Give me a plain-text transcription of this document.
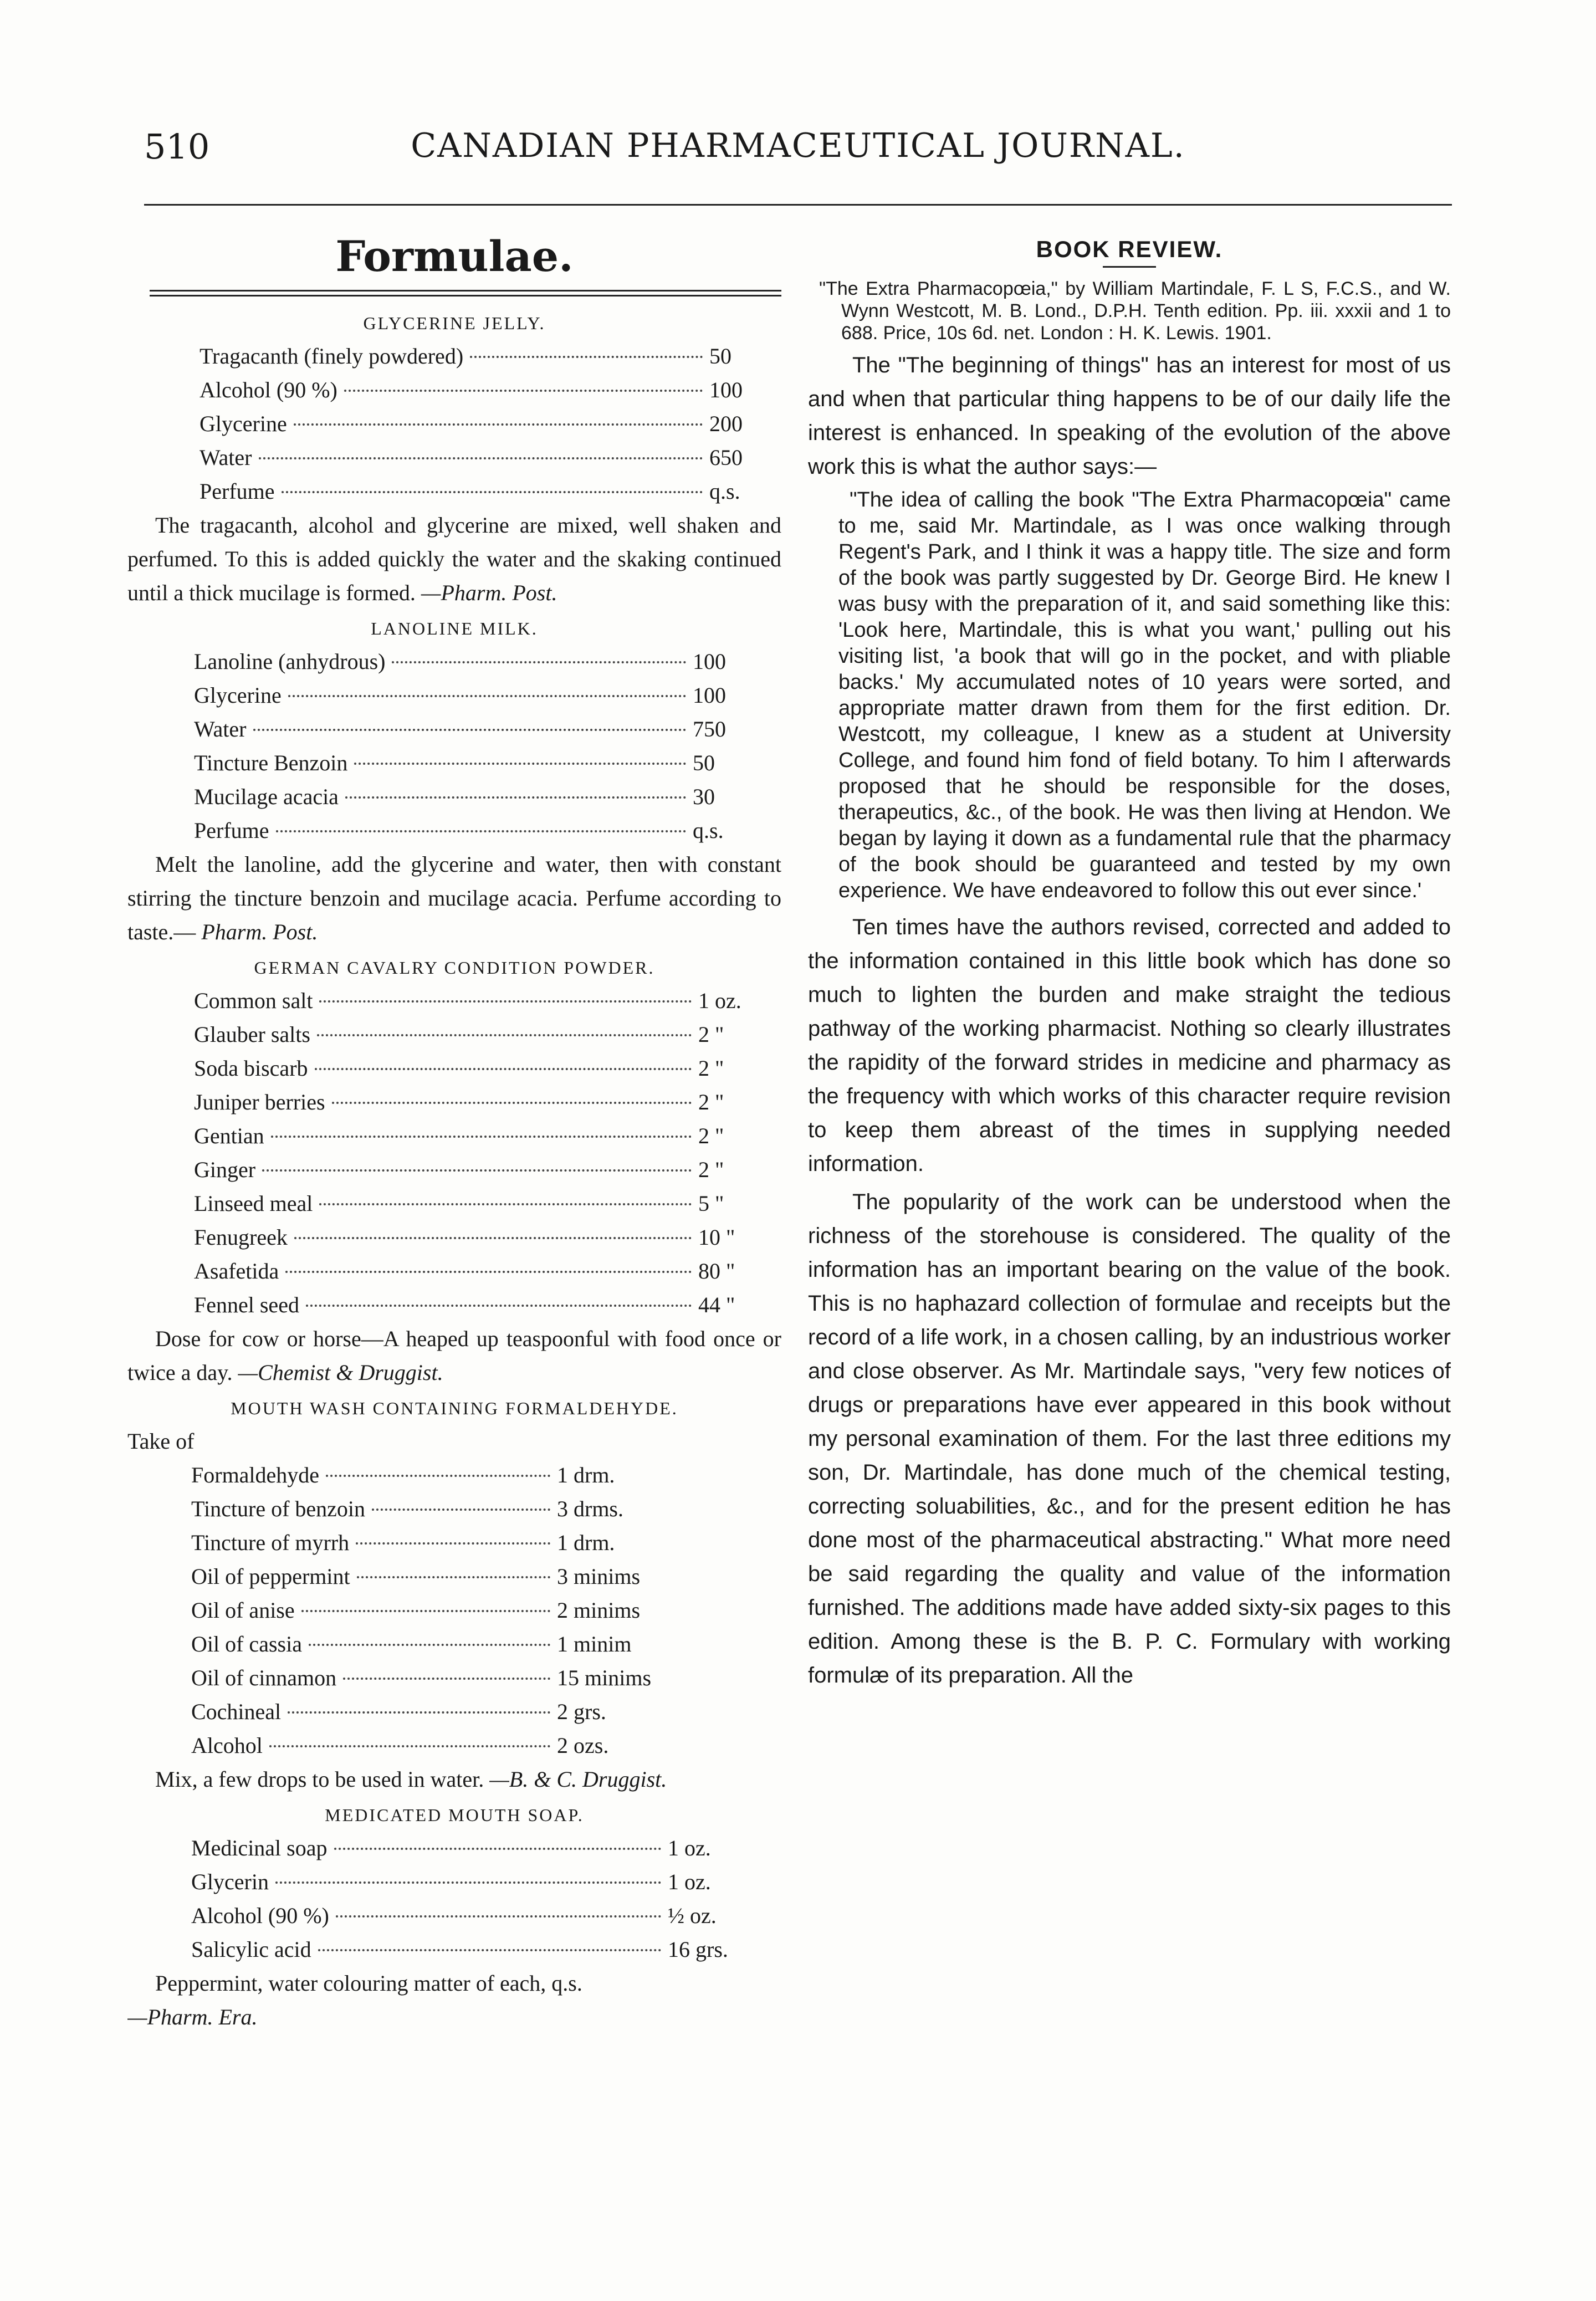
510	CANADIAN PHARMACEUTICAL JOURNAL.
Formulae.
GLYCERINE JELLY.
Tragacanth (finely powdered)	50
Alcohol (90 %)	100
Glycerine	200
Water	650
Perfume	q.s.

The tragacanth, alcohol and glycerine are mixed, well shaken and perfumed. To this is added quickly the water and the skaking continued until a thick mucilage is formed. —Pharm. Post.

LANOLINE MILK.
Lanoline (anhydrous)	100
Glycerine	100
Water	750
Tincture Benzoin	50
Mucilage acacia	30
Perfume	q.s.

Melt the lanoline, add the glycerine and water, then with constant stirring the tincture benzoin and mucilage acacia. Perfume according to taste.— Pharm. Post.

GERMAN CAVALRY CONDITION POWDER.
Common salt	1 oz.
Glauber salts	2 "
Soda biscarb	2 "
Juniper berries	2 "
Gentian	2 "
Ginger	2 "
Linseed meal	5 "
Fenugreek	10 "
Asafetida	80 "
Fennel seed	44 "

Dose for cow or horse—A heaped up teaspoonful with food once or twice a day. —Chemist & Druggist.

MOUTH WASH CONTAINING FORMALDEHYDE.

Take of

Formaldehyde	1 drm.
Tincture of benzoin	3 drms.
Tincture of myrrh	1 drm.
Oil of peppermint	3 minims
Oil of anise	2 minims
Oil of cassia	1 minim
Oil of cinnamon	15 minims
Cochineal	2 grs.
Alcohol	2 ozs.

Mix, a few drops to be used in water. —B. & C. Druggist.

MEDICATED MOUTH SOAP.
Medicinal soap	1 oz.
Glycerin	1 oz.
Alcohol (90 %)	½ oz.
Salicylic acid	16 grs.

Peppermint, water colouring matter of each, q.s.
—Pharm. Era.

BOOK REVIEW.

"The Extra Pharmacopœia," by William Martindale, F. L S, F.C.S., and W. Wynn Westcott, M. B. Lond., D.P.H. Tenth edition. Pp. iii. xxxii and 1 to 688. Price, 10s 6d. net. London : H. K. Lewis. 1901.

The "The beginning of things" has an interest for most of us and when that particular thing happens to be of our daily life the interest is enhanced. In speaking of the evolution of the above work this is what the author says:—

"The idea of calling the book "The Extra Pharmacopœia" came to me, said Mr. Martindale, as I was once walking through Regent's Park, and I think it was a happy title. The size and form of the book was partly suggested by Dr. George Bird. He knew I was busy with the preparation of it, and said something like this: 'Look here, Martindale, this is what you want,' pulling out his visiting list, 'a book that will go in the pocket, and with pliable backs.' My accumulated notes of 10 years were sorted, and appropriate matter drawn from them for the first edition. Dr. Westcott, my colleague, I knew as a student at University College, and found him fond of field botany. To him I afterwards proposed that he should be responsible for the doses, therapeutics, &c., of the book. He was then living at Hendon. We began by laying it down as a fundamental rule that the pharmacy of the book should be guaranteed and tested by my own experience. We have endeavored to follow this out ever since.'

Ten times have the authors revised, corrected and added to the information contained in this little book which has done so much to lighten the burden and make straight the tedious pathway of the working pharmacist. Nothing so clearly illustrates the rapidity of the forward strides in medicine and pharmacy as the frequency with which works of this character require revision to keep them abreast of the times in supplying needed information.

The popularity of the work can be understood when the richness of the storehouse is considered. The quality of the information has an important bearing on the value of the book. This is no haphazard collection of formulae and receipts but the record of a life work, in a chosen calling, by an industrious worker and close observer. As Mr. Martindale says, "very few notices of drugs or preparations have ever appeared in this book without my personal examination of them. For the last three editions my son, Dr. Martindale, has done much of the chemical testing, correcting soluabilities, &c., and for the present edition he has done most of the pharmaceutical abstracting." What more need be said regarding the quality and value of the information furnished. The additions made have added sixty-six pages to this edition. Among these is the B. P. C. Formulary with working formulæ of its preparation. All the
